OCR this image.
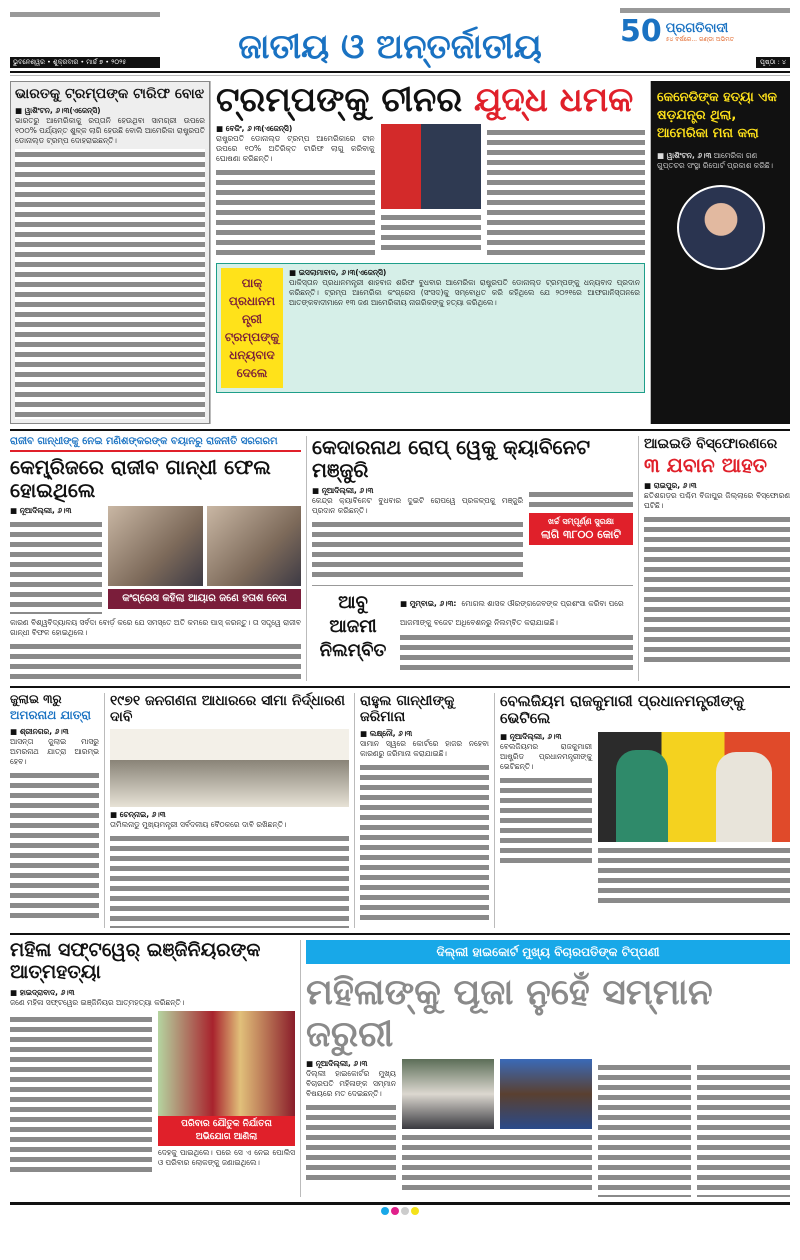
ଭୁବନେଶ୍ୱର • ଶୁକ୍ରବାର • ମାର୍ଚ୍ଚ ୭ • ୨୦୨୫	ଜାତୀୟ ଓ ଅନ୍ତର୍ଜାତୀୟ	50 ପ୍ରଗତିବାଦୀ
୫୪ ବର୍ଷରେ... ଗଣ୍ଡା ଅଭିମତ
ପୃଷ୍ଠା : ୪
ଭାରତକୁ ଟ୍ରମ୍ପଙ୍କ ଟାରିଫ ବୋଝ
■ ୱାଶିଂଟନ, ୬।୩(ଏଜେନ୍ସି)
ଭାରତରୁ ଆମେରିକାକୁ ରପ୍ତାନି ହେଉଥିବା ସାମଗ୍ରୀ ଉପରେ ୧୦୦% ପର୍ଯ୍ୟନ୍ତ ଶୁଳ୍କ ଲାଗି ହେଉଛି ବୋଲି ଆମେରିକା ରାଷ୍ଟ୍ରପତି ଡୋନାଲ୍ଡ ଟ୍ରମ୍ପ ଦୋହରାଇଛନ୍ତି।
ଟ୍ରମ୍ପଙ୍କୁ ଚୀନର ଯୁଦ୍ଧ ଧମକ
■ ବେଜିଂ, ୬।୩(ଏଜେନ୍ସି)
ରାଷ୍ଟ୍ରପତି ଡୋନାଲ୍ଡ ଟ୍ରମ୍ପ ଆମେରିକାରେ ଚୀନ ଉପରେ ୧୦% ଅତିରିକ୍ତ ଟାରିଫ ଲାଗୁ କରିବାକୁ ଘୋଷଣା କରିଛନ୍ତି।
ପାକ୍ ପ୍ରଧାନମନ୍ତ୍ରୀ ଟ୍ରମ୍ପଙ୍କୁ ଧନ୍ୟବାଦ ଦେଲେ
■ ଇସଲାମାବାଦ, ୬।୩(ଏଜେନ୍ସି)
ପାକିସ୍ତାନ ପ୍ରଧାନମନ୍ତ୍ରୀ ଶାହବାଜ ଶରିଫ ବୁଧବାର ଆମେରିକା ରାଷ୍ଟ୍ରପତି ଡୋନାଲ୍ଡ ଟ୍ରମ୍ପଙ୍କୁ ଧନ୍ୟବାଦ ପ୍ରଦାନ କରିଛନ୍ତି। ଟ୍ରମ୍ପ ଆମେରିକା କଂଗ୍ରେସ (ସଂସଦ)କୁ ସମ୍ବୋଧିତ କରି କହିଥିଲେ ଯେ ୨୦୨୧ରେ ଆଫଗାନିସ୍ତାନରେ ଆତଙ୍କବାଦୀମାନେ ୧୩ ଜଣ ଆମେରିକୀୟ ନାଗରିକଙ୍କୁ ହତ୍ୟା କରିଥିଲେ।
କେନେଡିଙ୍କ ହତ୍ୟା ଏକ ଷଡ଼ଯନ୍ତ୍ର ଥିଲା, ଆମେରିକା ମନା କଲା
■ ୱାଶିଂଟନ, ୬।୩ ଆମେରିକା ଗଣ ଗୁପ୍ତଚର ସଂସ୍ଥା ରିପୋର୍ଟ ପ୍ରକାଶ କରିଛି।
ରାଜୀବ ଗାନ୍ଧୀଙ୍କୁ ନେଇ ମଣିଶଙ୍କରଙ୍କ ବୟାନରୁ ରାଜନୀତି ସରଗରମ
କେମ୍ବ୍ରିଜରେ ରାଜୀବ ଗାନ୍ଧୀ ଫେଲ ହୋଇଥିଲେ
■ ନୂଆଦିଲ୍ଲୀ, ୬।୩
କଂଗ୍ରେସ କହିଲା ଆୟାର ଜଣେ ହତାଶ ନେତା
କାରଣ ବିଶ୍ୱବିଦ୍ୟାଳୟ ସର୍ବଦା ବୋର୍ଡ଼ କରେ ଯେ ସମସ୍ତେ ଅତି କମରେ ପାସ୍ କରନ୍ତୁ। ତା ସତ୍ତ୍ୱେ ରାଜୀବ ଗାନ୍ଧୀ ବିଫଳ ହୋଇଥିଲେ।
କେଦାରନାଥ ରୋପ୍ ୱେକୁ କ୍ୟାବିନେଟ ମଞ୍ଜୁରି
■ ନୂଆଦିଲ୍ଲୀ, ୬।୩
କେନ୍ଦ୍ର କ୍ୟାବିନେଟ ବୁଧବାର ଦୁଇଟି ରୋପୱେ ପ୍ରକଳ୍ପକୁ ମଞ୍ଜୁରି ପ୍ରଦାନ କରିଛନ୍ତି।
ଖର୍ଚ୍ଚ ସମ୍ପୂର୍ଣ୍ଣ ସୁରକ୍ଷା
ଲାଗି ୩୮୦୦ କୋଟି
ଆବୁ ଆଜମୀ ନିଲମ୍ବିତ
■ ମୁମ୍ବାଇ, ୬।୩: ମୋଗଲ ଶାସକ ଔରଙ୍ଗଜେବଙ୍କ ପ୍ରଶଂସା କରିବା ପରେ ଆଜମୀଙ୍କୁ ବଜେଟ ଅଧିବେଶନରୁ ନିଲମ୍ବିତ କରାଯାଇଛି।
ଆଇଇଡି ବିସ୍ଫୋରଣରେ
୩ ଯବାନ ଆହତ
■ ରାଇପୁର, ୬।୩
ଛତିଶଗଡ଼ର ପଶ୍ଚିମ ବିଜାପୁର ଜିଲ୍ଲାରେ ବିସ୍ଫୋରଣ ଘଟିଛି।
ଜୁଲାଇ ୩ରୁ
ଅମରନାଥ ଯାତ୍ରା
■ ଶ୍ରୀନଗର, ୬।୩
ଆସନ୍ତା ଜୁଲାଇ ମାସରୁ ଅମରନାଥ ଯାତ୍ରା ଆରମ୍ଭ ହେବ।
୧୯୭୧ ଜନଗଣନା ଆଧାରରେ ସୀମା ନିର୍ଦ୍ଧାରଣ ଦାବି
■ ଚେନ୍ନାଇ, ୬।୩
ତାମିଲନାଡୁ ମୁଖ୍ୟମନ୍ତ୍ରୀ ସର୍ବଦଳୀୟ ବୈଠକରେ ଦାବି ରଖିଛନ୍ତି।
ରାହୁଲ ଗାନ୍ଧୀଙ୍କୁ ଜରିମାନା
■ ଲକ୍ଷ୍ନୌ, ୬।୩
ସାମାନ ସ୍ୱରେ କୋର୍ଟରେ ହାଜର ନହେବା କାରଣରୁ ଜରିମାନା କରାଯାଇଛି।
ବେଲଜିୟମ ରାଜକୁମାରୀ ପ୍ରଧାନମନ୍ତ୍ରୀଙ୍କୁ ଭେଟିଲେ
■ ନୂଆଦିଲ୍ଲୀ, ୬।୩
ବେଲଜିୟମର ରାଜକୁମାରୀ ଆଷ୍ଟ୍ରିଡ ପ୍ରଧାନମନ୍ତ୍ରୀଙ୍କୁ ଭେଟିଛନ୍ତି।
ମହିଳା ସଫ୍ଟୱେର୍ ଇଞ୍ଜିନିୟରଙ୍କ ଆତ୍ମହତ୍ୟା
■ ହାଇଦ୍ରାବାଦ, ୬।୩
ଜଣେ ମହିଳା ସଫ୍ଟୱେର ଇଞ୍ଜିନିୟର ଆତ୍ମହତ୍ୟା କରିଛନ୍ତି।
ପରିବାର ଯୌତୁକ ନିର୍ଯାତନା
ଅଭିଯୋଗ ଆଣିଲା
ଦେହକୁ ପାଇଥିଲେ। ପରେ ସେ ଏ ନେଇ ପୋଲିସ ଓ ପରିବାର ଲୋକଙ୍କୁ ଜଣାଇଥିଲେ।
ଦିଲ୍ଲୀ ହାଇକୋର୍ଟ ମୁଖ୍ୟ ବିଚାରପତିଙ୍କ ଟିପ୍ପଣୀ
ମହିଳାଙ୍କୁ ପୂଜା ନୁହେଁ ସମ୍ମାନ ଜରୁରୀ
■ ନୂଆଦିଲ୍ଲୀ, ୬।୩
ଦିଲ୍ଲୀ ହାଇକୋର୍ଟର ମୁଖ୍ୟ ବିଚାରପତି ମହିଳାଙ୍କ ସମ୍ମାନ ବିଷୟରେ ମତ ଦେଇଛନ୍ତି।
